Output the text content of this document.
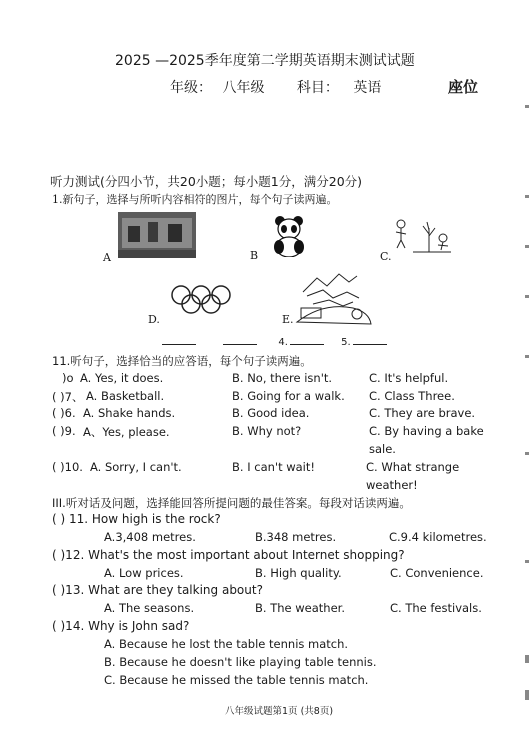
2025 —2025季年度第二学期英语期末测试试题
年级： 八年级 科目： 英语	座位
听力测试(分四小节，共20小题；每小题1分，满分20分)
1.新句子，选择与所听内容相符的图片，每个句子读两遍。
A	B	C.
D.	E.
4.	5.
11.听句子，选择恰当的应答语，每个句子读两遍。
)o A. Yes, it does.	B. No, there isn't.	C. It's helpful.
( )7、 A. Basketball.	B. Going for a walk. C. Class Three.
( )6. A. Shake hands.	B. Good idea.	C. They are brave.
( )9. A、Yes, please.	B. Why not?	C. By having a bake
sale.
( )10. A. Sorry, I can't.	B. I can't wait!	C. What strange
weather!
III.听对话及问题，选择能回答所提问题的最佳答案。每段对话读两遍。
( ) 11. How high is the rock?
A.3,408 metres.	B.348 metres.	C.9.4 kilometres.
( )12. What's the most important about Internet shopping?
A. Low prices.	B. High quality.	C. Convenience.
( )13. What are they talking about?
A. The seasons.	B. The weather.	C. The festivals.
( )14. Why is John sad?
A. Because he lost the table tennis match.
B. Because he doesn't like playing table tennis.
C. Because he missed the table tennis match.
八年级试题第1页 (共8页)
